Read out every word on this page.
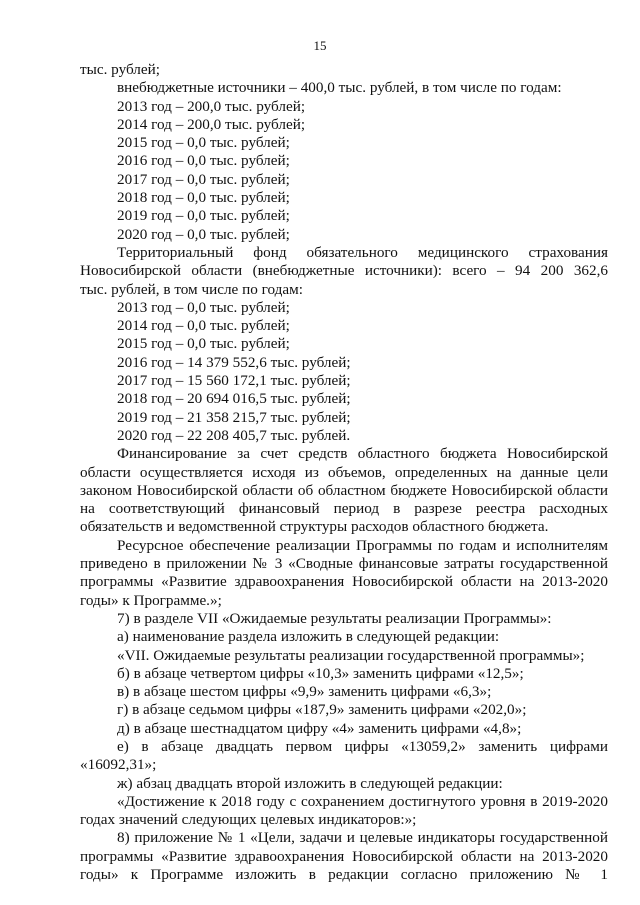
15
тыс. рублей;
внебюджетные источники – 400,0 тыс. рублей, в том числе по годам:
2013 год – 200,0 тыс. рублей;
2014 год – 200,0 тыс. рублей;
2015 год – 0,0 тыс. рублей;
2016 год – 0,0 тыс. рублей;
2017 год – 0,0 тыс. рублей;
2018 год – 0,0 тыс. рублей;
2019 год – 0,0 тыс. рублей;
2020 год – 0,0 тыс. рублей;
Территориальный фонд обязательного медицинского страхования
Новосибирской области (внебюджетные источники): всего – 94 200 362,6
тыс. рублей, в том числе по годам:
2013 год – 0,0 тыс. рублей;
2014 год – 0,0 тыс. рублей;
2015 год – 0,0 тыс. рублей;
2016 год – 14 379 552,6 тыс. рублей;
2017 год – 15 560 172,1 тыс. рублей;
2018 год – 20 694 016,5 тыс. рублей;
2019 год – 21 358 215,7 тыс. рублей;
2020 год – 22 208 405,7 тыс. рублей.
Финансирование за счет средств областного бюджета Новосибирской
области осуществляется исходя из объемов, определенных на данные цели
законом Новосибирской области об областном бюджете Новосибирской области
на соответствующий финансовый период в разрезе реестра расходных
обязательств и ведомственной структуры расходов областного бюджета.
Ресурсное обеспечение реализации Программы по годам и исполнителям
приведено в приложении № 3 «Сводные финансовые затраты государственной
программы «Развитие здравоохранения Новосибирской области на 2013-2020
годы» к Программе.»;
7) в разделе VII «Ожидаемые результаты реализации Программы»:
а) наименование раздела изложить в следующей редакции:
«VII. Ожидаемые результаты реализации государственной программы»;
б) в абзаце четвертом цифры «10,3» заменить цифрами «12,5»;
в) в абзаце шестом цифры «9,9» заменить цифрами «6,3»;
г) в абзаце седьмом цифры «187,9» заменить цифрами «202,0»;
д) в абзаце шестнадцатом цифру «4» заменить цифрами «4,8»;
е) в абзаце двадцать первом цифры «13059,2» заменить цифрами
«16092,31»;
ж) абзац двадцать второй изложить в следующей редакции:
«Достижение к 2018 году с сохранением достигнутого уровня в 2019-2020
годах значений следующих целевых индикаторов:»;
8) приложение № 1 «Цели, задачи и целевые индикаторы государственной
программы «Развитие здравоохранения Новосибирской области на 2013-2020
годы» к Программе изложить в редакции согласно приложению № 1
